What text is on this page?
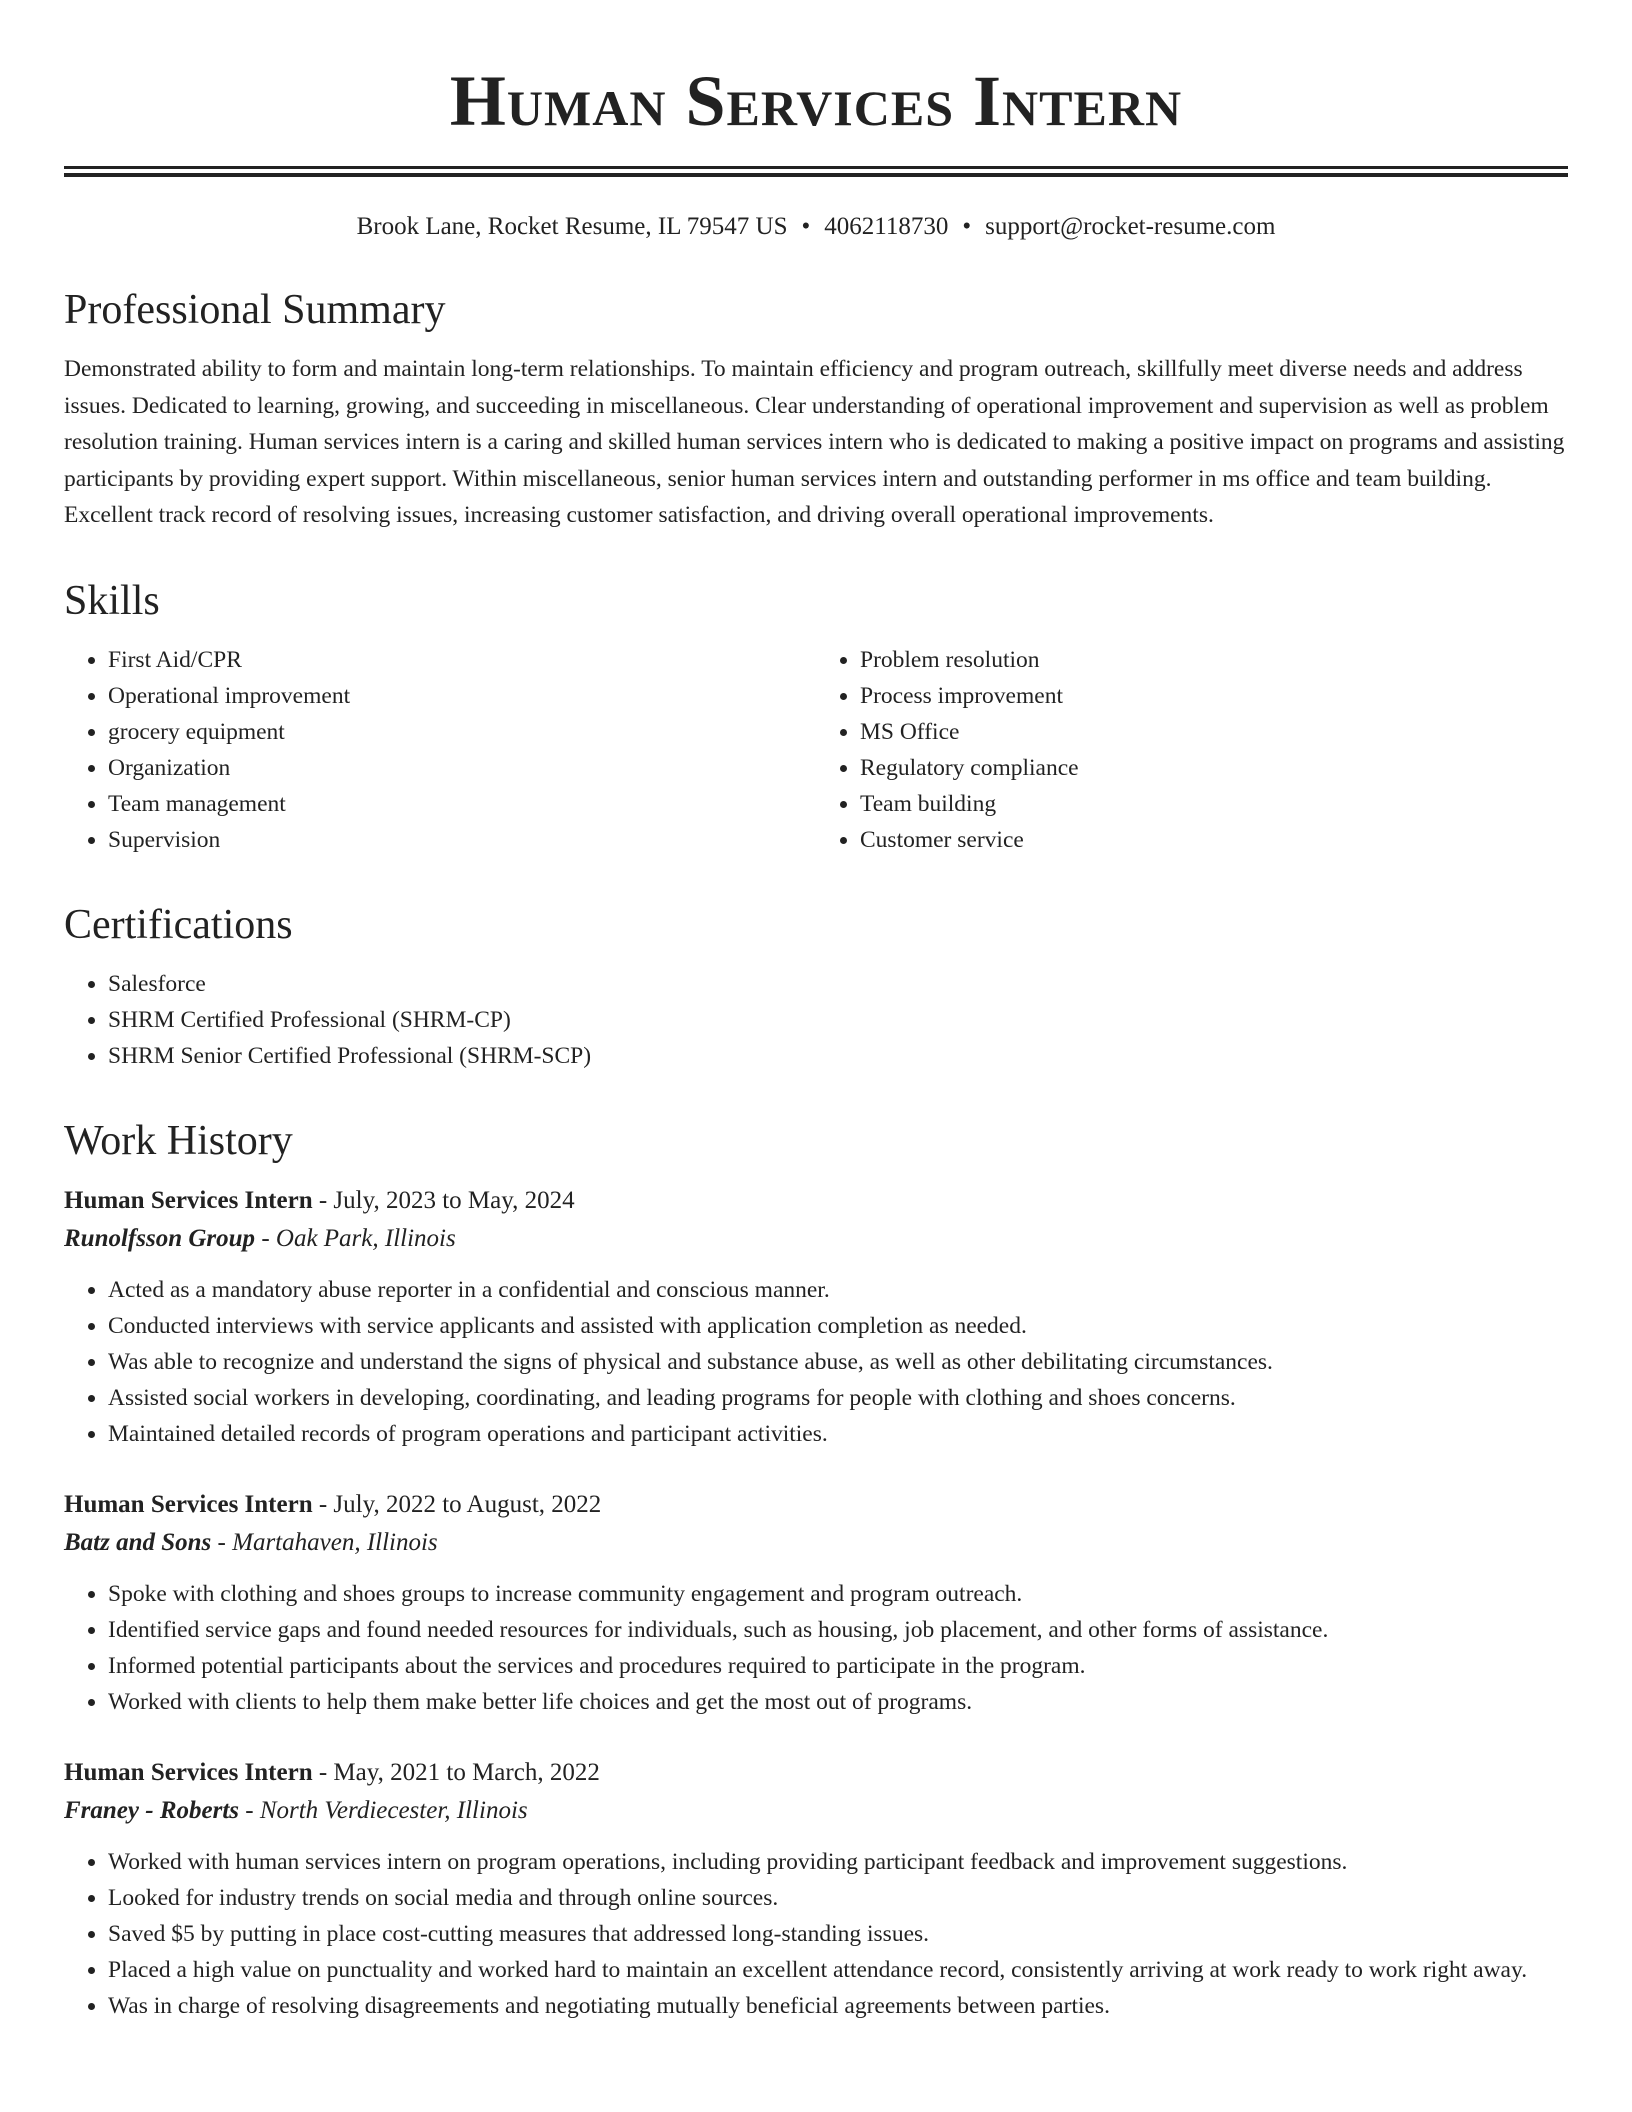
Human Services Intern
Brook Lane, Rocket Resume, IL 79547 US • 4062118730 • support@rocket-resume.com
Professional Summary

Demonstrated ability to form and maintain long-term relationships. To maintain efficiency and program outreach, skillfully meet diverse needs and address issues. Dedicated to learning, growing, and succeeding in miscellaneous. Clear understanding of operational improvement and supervision as well as problem resolution training. Human services intern is a caring and skilled human services intern who is dedicated to making a positive impact on programs and assisting participants by providing expert support. Within miscellaneous, senior human services intern and outstanding performer in ms office and team building. Excellent track record of resolving issues, increasing customer satisfaction, and driving overall operational improvements.

Skills
• First Aid/CPR
• Operational improvement
• grocery equipment
• Organization
• Team management
• Supervision
• Problem resolution
• Process improvement
• MS Office
• Regulatory compliance
• Team building
• Customer service
Certifications
• Salesforce
• SHRM Certified Professional (SHRM-CP)
• SHRM Senior Certified Professional (SHRM-SCP)
Work History
Human Services Intern - July, 2023 to May, 2024
Runolfsson Group - Oak Park, Illinois
• Acted as a mandatory abuse reporter in a confidential and conscious manner.
• Conducted interviews with service applicants and assisted with application completion as needed.
• Was able to recognize and understand the signs of physical and substance abuse, as well as other debilitating circumstances.
• Assisted social workers in developing, coordinating, and leading programs for people with clothing and shoes concerns.
• Maintained detailed records of program operations and participant activities.
Human Services Intern - July, 2022 to August, 2022
Batz and Sons - Martahaven, Illinois
• Spoke with clothing and shoes groups to increase community engagement and program outreach.
• Identified service gaps and found needed resources for individuals, such as housing, job placement, and other forms of assistance.
• Informed potential participants about the services and procedures required to participate in the program.
• Worked with clients to help them make better life choices and get the most out of programs.
Human Services Intern - May, 2021 to March, 2022
Franey - Roberts - North Verdiecester, Illinois
• Worked with human services intern on program operations, including providing participant feedback and improvement suggestions.
• Looked for industry trends on social media and through online sources.
• Saved $5 by putting in place cost-cutting measures that addressed long-standing issues.
• Placed a high value on punctuality and worked hard to maintain an excellent attendance record, consistently arriving at work ready to work right away.
• Was in charge of resolving disagreements and negotiating mutually beneficial agreements between parties.
